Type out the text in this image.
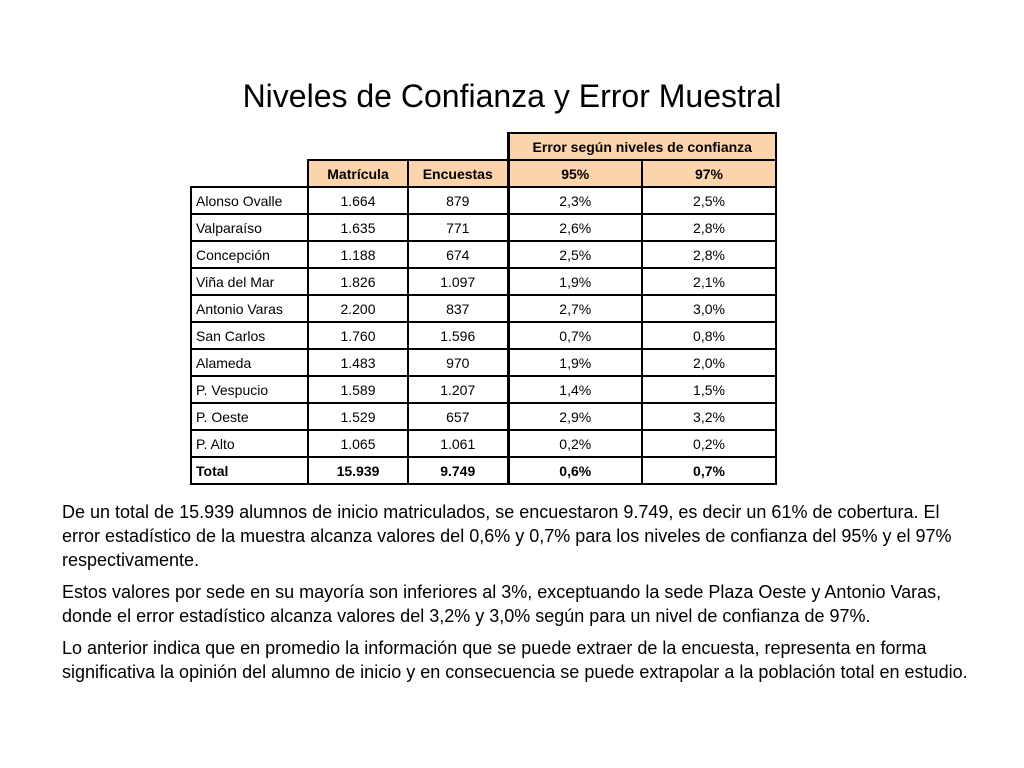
Niveles de Confianza y Error Muestral
			Error según niveles de confianza	
	Matrícula	Encuestas	95%	97%
Alonso Ovalle	1.664	879	2,3%	2,5%
Valparaíso	1.635	771	2,6%	2,8%
Concepción	1.188	674	2,5%	2,8%
Viña del Mar	1.826	1.097	1,9%	2,1%
Antonio Varas	2.200	837	2,7%	3,0%
San Carlos	1.760	1.596	0,7%	0,8%
Alameda	1.483	970	1,9%	2,0%
P. Vespucio	1.589	1.207	1,4%	1,5%
P. Oeste	1.529	657	2,9%	3,2%
P. Alto	1.065	1.061	0,2%	0,2%
Total	15.939	9.749	0,6%	0,7%

De un total de 15.939 alumnos de inicio matriculados, se encuestaron 9.749, es decir un 61% de cobertura. El error estadístico de la muestra alcanza valores del 0,6% y 0,7% para los niveles de confianza del 95% y el 97% respectivamente.

Estos valores por sede en su mayoría son inferiores al 3%, exceptuando la sede Plaza Oeste y Antonio Varas, donde el error estadístico alcanza valores del 3,2% y 3,0% según para un nivel de confianza de 97%.

Lo anterior indica que en promedio la información que se puede extraer de la encuesta, representa en forma significativa la opinión del alumno de inicio y en consecuencia se puede extrapolar a la población total en estudio.
